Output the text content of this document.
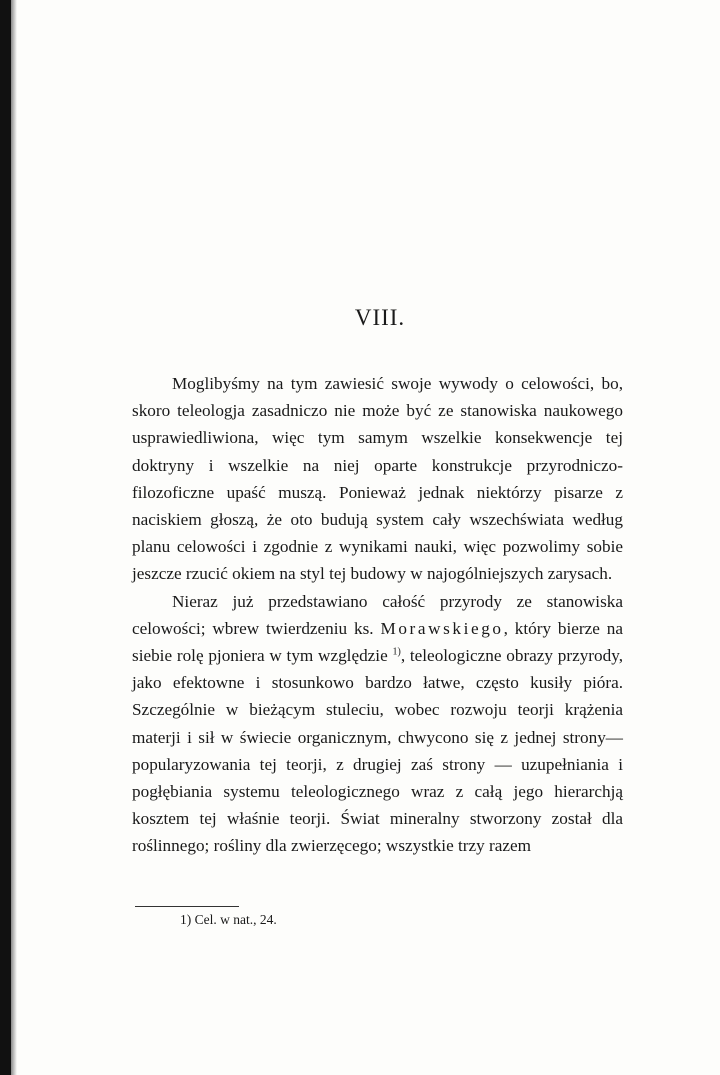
VIII.

Moglibyśmy na tym zawiesić swoje wywody o celowości, bo, skoro teleologja zasadniczo nie może być ze stanowiska naukowego usprawiedliwiona, więc tym samym wszelkie konsekwencje tej doktryny i wszelkie na niej oparte konstrukcje przyrodniczo-filozoficzne upaść muszą. Ponieważ jednak niektórzy pisarze z naciskiem głoszą, że oto budują system cały wszechświata według planu celowości i zgodnie z wynikami nauki, więc pozwolimy sobie jeszcze rzucić okiem na styl tej budowy w najogólniejszych zarysach.

Nieraz już przedstawiano całość przyrody ze stanowiska celowości; wbrew twierdzeniu ks. Morawskiego, który bierze na siebie rolę pjoniera w tym względzie $^{1)}$, teleologiczne obrazy przyrody, jako efektowne i stosunkowo bardzo łatwe, często kusiły pióra. Szczególnie w bieżącym stuleciu, wobec rozwoju teorji krążenia materji i sił w świecie organicznym, chwycono się z jednej strony—popularyzowania tej teorji, z drugiej zaś strony — uzupełniania i pogłębiania systemu teleologicznego wraz z całą jego hierarchją kosztem tej właśnie teorji. Świat mineralny stworzony został dla roślinnego; rośliny dla zwierzęcego; wszystkie trzy razem

1) Cel. w nat., 24.
